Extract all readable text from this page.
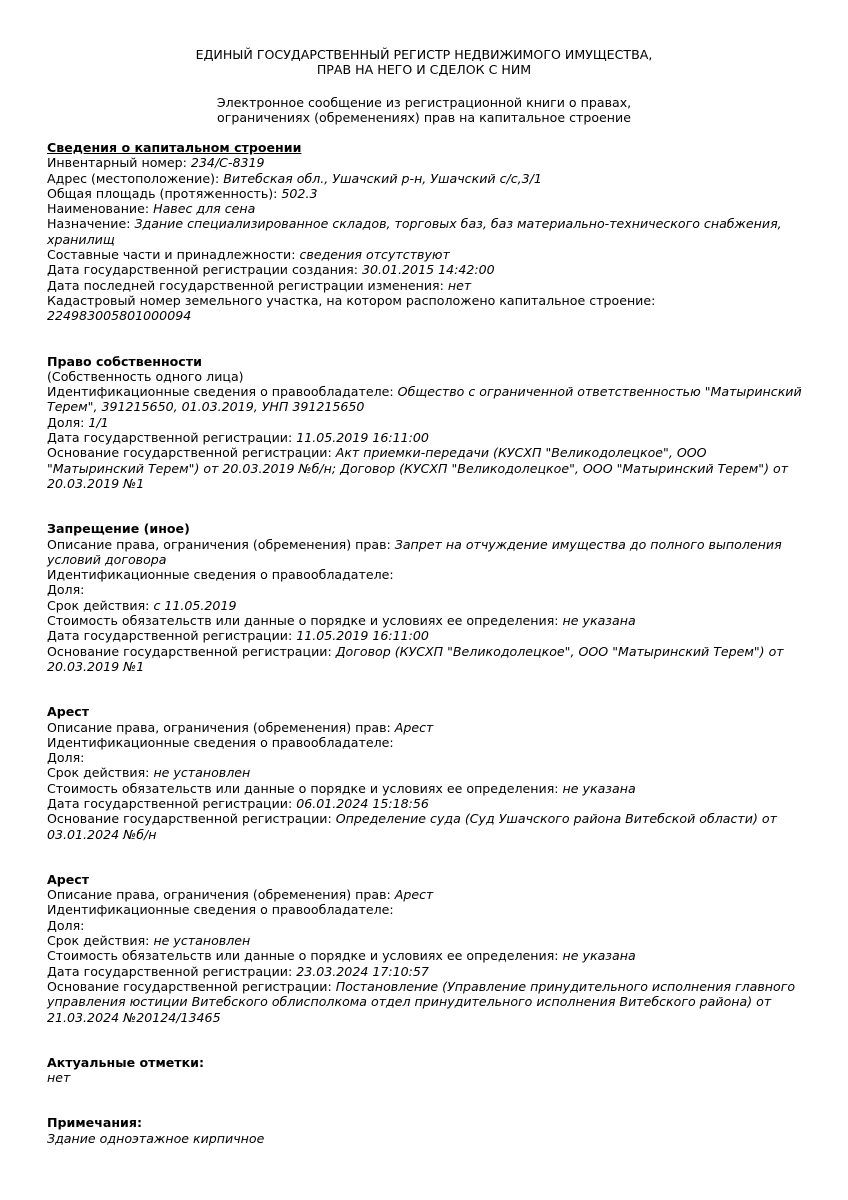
ЕДИНЫЙ ГОСУДАРСТВЕННЫЙ РЕГИСТР НЕДВИЖИМОГО ИМУЩЕСТВА,
ПРАВ НА НЕГО И СДЕЛОК С НИМ
Электронное сообщение из регистрационной книги о правах,
ограничениях (обременениях) прав на капитальное строение
Сведения о капитальном строении
Инвентарный номер: 234/C-8319
Адрес (местоположение): Витебская обл., Ушачский р-н, Ушачский с/с,3/1
Общая площадь (протяженность): 502.3
Наименование: Навес для сена
Назначение: Здание специализированное складов, торговых баз, баз материально-технического снабжения, хранилищ
Составные части и принадлежности: сведения отсутствуют
Дата государственной регистрации создания: 30.01.2015 14:42:00
Дата последней государственной регистрации изменения: нет
Кадастровый номер земельного участка, на котором расположено капитальное строение:
224983005801000094
Право собственности
(Собственность одного лица)
Идентификационные сведения о правообладателе: Общество с ограниченной ответственностью "Матыринский Терем", 391215650, 01.03.2019, УНП 391215650
Доля: 1/1
Дата государственной регистрации: 11.05.2019 16:11:00
Основание государственной регистрации: Акт приемки-передачи (КУСХП "Великодолецкое", ООО "Матыринский Терем") от 20.03.2019 №б/н; Договор (КУСХП "Великодолецкое", ООО "Матыринский Терем") от 20.03.2019 №1
Запрещение (иное)
Описание права, ограничения (обременения) прав: Запрет на отчуждение имущества до полного выполения условий договора
Идентификационные сведения о правообладателе:
Доля:
Срок действия: с 11.05.2019
Стоимость обязательств или данные о порядке и условиях ее определения: не указана
Дата государственной регистрации: 11.05.2019 16:11:00
Основание государственной регистрации: Договор (КУСХП "Великодолецкое", ООО "Матыринский Терем") от 20.03.2019 №1
Арест
Описание права, ограничения (обременения) прав: Арест
Идентификационные сведения о правообладателе:
Доля:
Срок действия: не установлен
Стоимость обязательств или данные о порядке и условиях ее определения: не указана
Дата государственной регистрации: 06.01.2024 15:18:56
Основание государственной регистрации: Определение суда (Суд Ушачского района Витебской области) от 03.01.2024 №б/н
Арест
Описание права, ограничения (обременения) прав: Арест
Идентификационные сведения о правообладателе:
Доля:
Срок действия: не установлен
Стоимость обязательств или данные о порядке и условиях ее определения: не указана
Дата государственной регистрации: 23.03.2024 17:10:57
Основание государственной регистрации: Постановление (Управление принудительного исполнения главного управления юстиции Витебского облисполкома отдел принудительного исполнения Витебского района) от 21.03.2024 №20124/13465
Актуальные отметки:
нет
Примечания:
Здание одноэтажное кирпичное
